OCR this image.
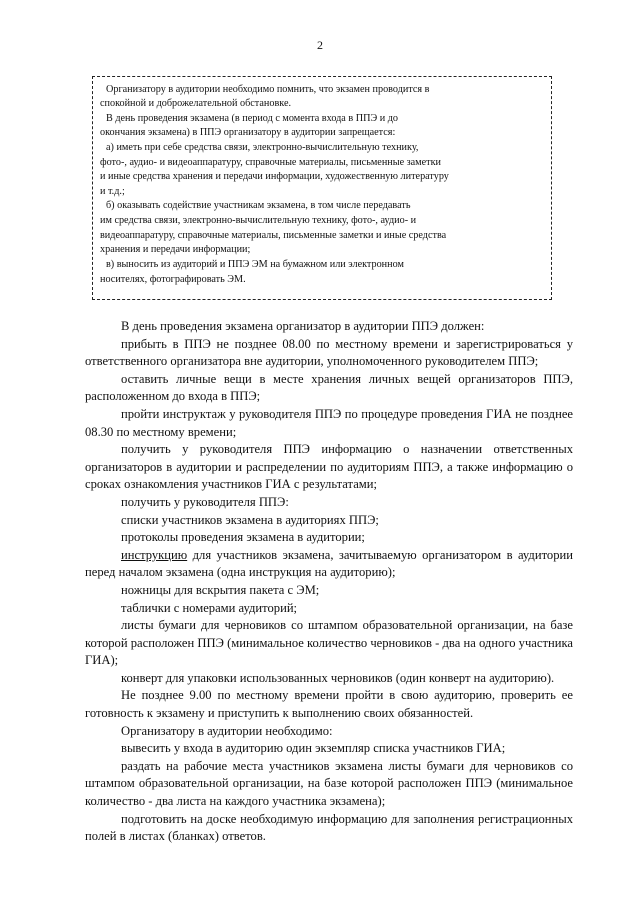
2
Организатору в аудитории необходимо помнить, что экзамен проводится в
спокойной и доброжелательной обстановке.
В день проведения экзамена (в период с момента входа в ППЭ и до
окончания экзамена) в ППЭ организатору в аудитории запрещается:
а) иметь при себе средства связи, электронно-вычислительную технику,
фото-, аудио- и видеоаппаратуру, справочные материалы, письменные заметки
и иные средства хранения и передачи информации, художественную литературу
и т.д.;
б) оказывать содействие участникам экзамена, в том числе передавать
им средства связи, электронно-вычислительную технику, фото-, аудио- и
видеоаппаратуру, справочные материалы, письменные заметки и иные средства
хранения и передачи информации;
в) выносить из аудиторий и ППЭ ЭМ на бумажном или электронном
носителях, фотографировать ЭМ.

В день проведения экзамена организатор в аудитории ППЭ должен:

прибыть в ППЭ не позднее 08.00 по местному времени и зарегистрироваться у ответственного организатора вне аудитории, уполномоченного руководителем ППЭ;

оставить личные вещи в месте хранения личных вещей организаторов ППЭ, расположенном до входа в ППЭ;

пройти инструктаж у руководителя ППЭ по процедуре проведения ГИА не позднее 08.30 по местному времени;

получить у руководителя ППЭ информацию о назначении ответственных организаторов в аудитории и распределении по аудиториям ППЭ, а также информацию о сроках ознакомления участников ГИА с результатами;

получить у руководителя ППЭ:

списки участников экзамена в аудиториях ППЭ;

протоколы проведения экзамена в аудитории;

инструкцию для участников экзамена, зачитываемую организатором в аудитории перед началом экзамена (одна инструкция на аудиторию);

ножницы для вскрытия пакета с ЭМ;

таблички с номерами аудиторий;

листы бумаги для черновиков со штампом образовательной организации, на базе которой расположен ППЭ (минимальное количество черновиков - два на одного участника ГИА);

конверт для упаковки использованных черновиков (один конверт на аудиторию).

Не позднее 9.00 по местному времени пройти в свою аудиторию, проверить ее готовность к экзамену и приступить к выполнению своих обязанностей.

Организатору в аудитории необходимо:

вывесить у входа в аудиторию один экземпляр списка участников ГИА;

раздать на рабочие места участников экзамена листы бумаги для черновиков со штампом образовательной организации, на базе которой расположен ППЭ (минимальное количество - два листа на каждого участника экзамена);

подготовить на доске необходимую информацию для заполнения регистрационных полей в листах (бланках) ответов.
